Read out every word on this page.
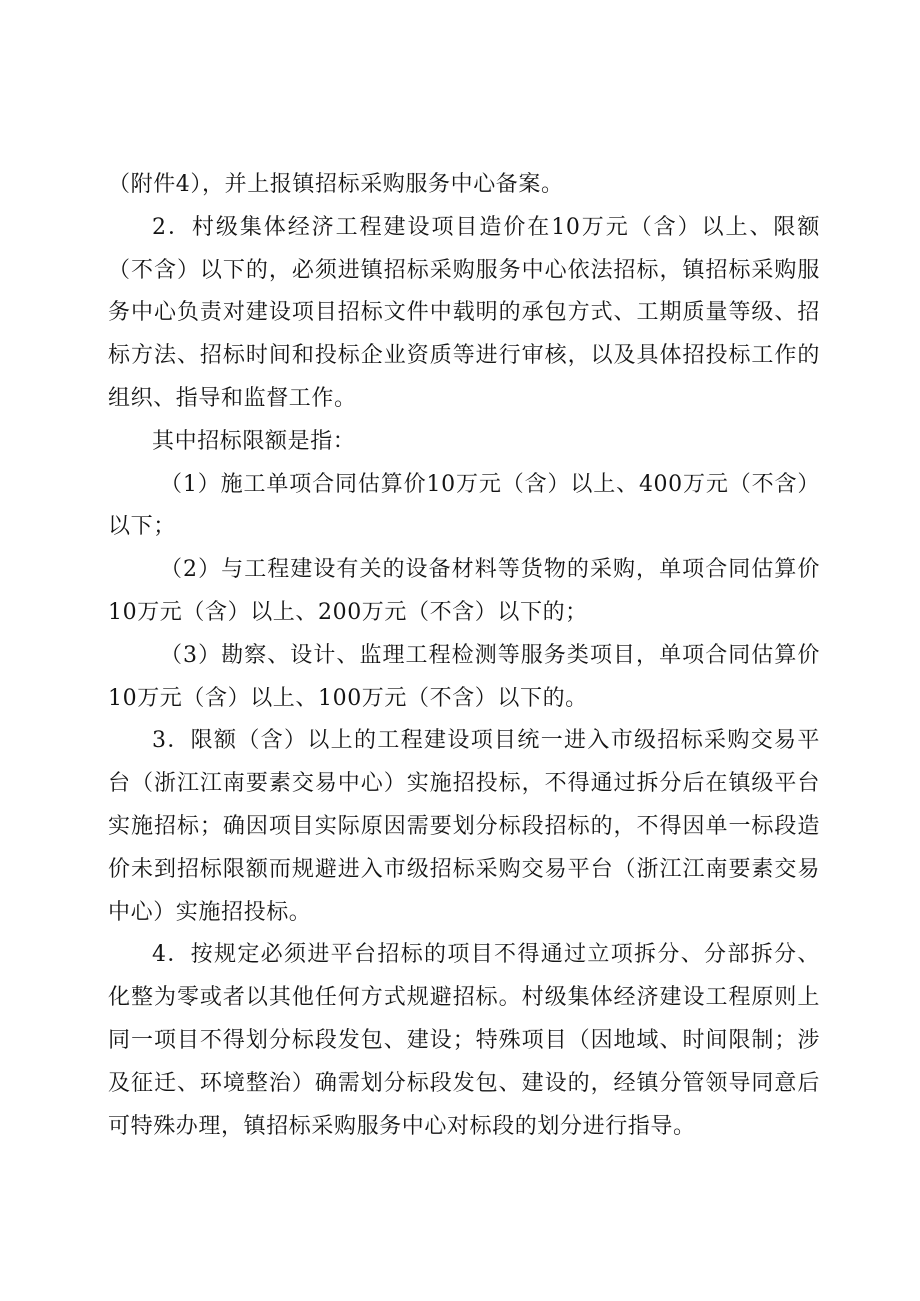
（附件4），并上报镇招标采购服务中心备案。

2．村级集体经济工程建设项目造价在10万元（含）以上、限额（不含）以下的，必须进镇招标采购服务中心依法招标，镇招标采购服务中心负责对建设项目招标文件中载明的承包方式、工期质量等级、招标方法、招标时间和投标企业资质等进行审核，以及具体招投标工作的组织、指导和监督工作。

其中招标限额是指：

（1）施工单项合同估算价10万元（含）以上、400万元（不含）以下；

（2）与工程建设有关的设备材料等货物的采购，单项合同估算价10万元（含）以上、200万元（不含）以下的；

（3）勘察、设计、监理工程检测等服务类项目，单项合同估算价10万元（含）以上、100万元（不含）以下的。

3．限额（含）以上的工程建设项目统一进入市级招标采购交易平台（浙江江南要素交易中心）实施招投标，不得通过拆分后在镇级平台实施招标；确因项目实际原因需要划分标段招标的，不得因单一标段造价未到招标限额而规避进入市级招标采购交易平台（浙江江南要素交易中心）实施招投标。

4．按规定必须进平台招标的项目不得通过立项拆分、分部拆分、化整为零或者以其他任何方式规避招标。村级集体经济建设工程原则上同一项目不得划分标段发包、建设；特殊项目（因地域、时间限制；涉及征迁、环境整治）确需划分标段发包、建设的，经镇分管领导同意后可特殊办理，镇招标采购服务中心对标段的划分进行指导。
